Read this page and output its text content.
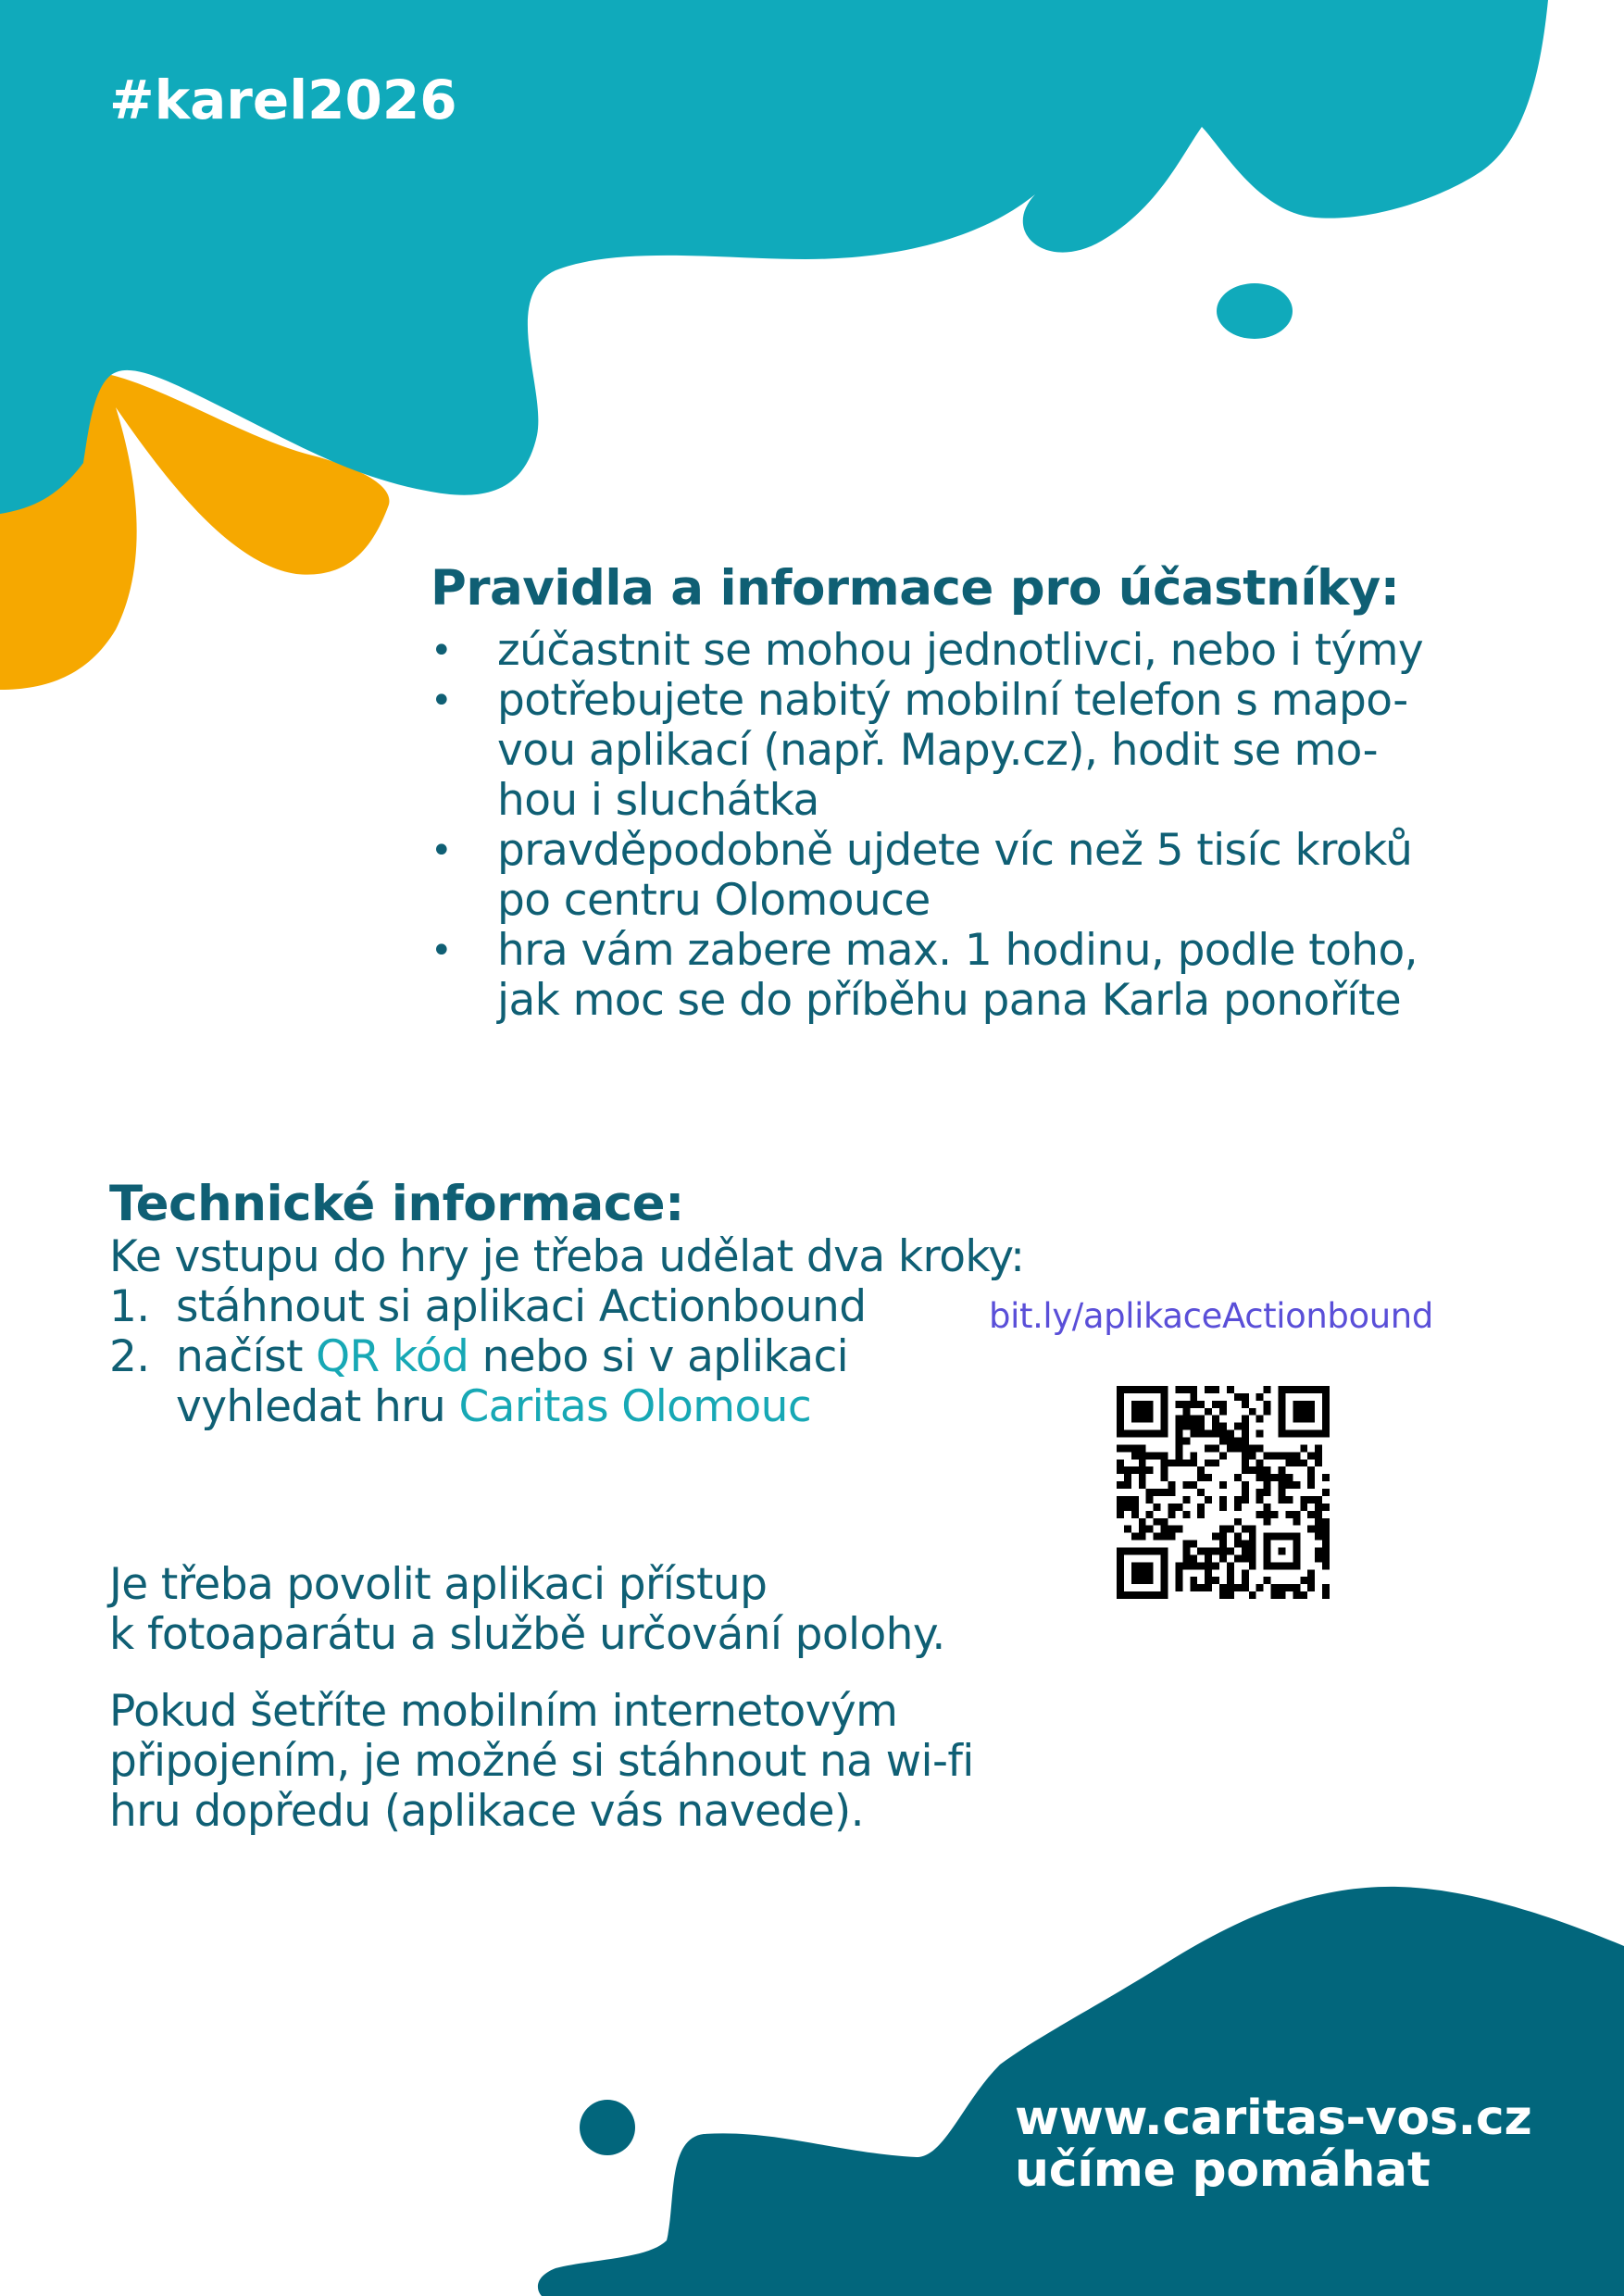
#karel2026
Pravidla a informace pro účastníky:
• zúčastnit se mohou jednotlivci, nebo i týmy
• potřebujete nabitý mobilní telefon s mapo-
vou aplikací (např. Mapy.cz), hodit se mo-
hou i sluchátka
• pravděpodobně ujdete víc než 5 tisíc kroků
po centru Olomouce
• hra vám zabere max. 1 hodinu, podle toho,
jak moc se do příběhu pana Karla ponoříte
Technické informace:
Ke vstupu do hry je třeba udělat dva kroky:
1. stáhnout si aplikaci Actionbound
2. načíst QR kód nebo si v aplikaci
vyhledat hru Caritas Olomouc
bit.ly/aplikaceActionbound
Je třeba povolit aplikaci přístup
k fotoaparátu a službě určování polohy.
Pokud šetříte mobilním internetovým
připojením, je možné si stáhnout na wi-fi
hru dopředu (aplikace vás navede).
www.caritas-vos.cz
učíme pomáhat
